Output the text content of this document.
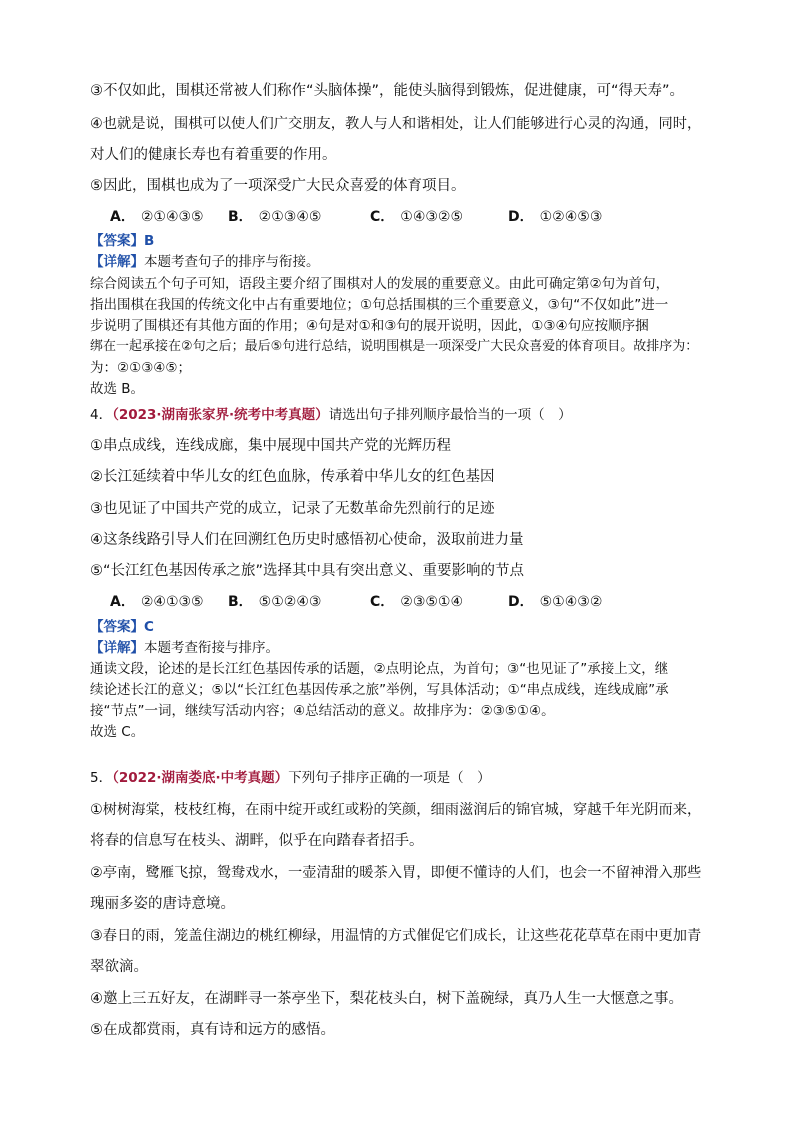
③不仅如此，围棋还常被人们称作“头脑体操”，能使头脑得到锻炼，促进健康，可“得天寿”。
④也就是说，围棋可以使人们广交朋友，教人与人和谐相处，让人们能够进行心灵的沟通，同时，
对人们的健康长寿也有着重要的作用。
⑤因此，围棋也成为了一项深受广大民众喜爱的体育项目。
A． ②①④③⑤ B． ②①③④⑤	C． ①④③②⑤	D． ①②④⑤③
【答案】B
【详解】本题考查句子的排序与衔接。
综合阅读五个句子可知，语段主要介绍了围棋对人的发展的重要意义。由此可确定第②句为首句，
指出围棋在我国的传统文化中占有重要地位；①句总括围棋的三个重要意义，③句“不仅如此”进一
步说明了围棋还有其他方面的作用；④句是对①和③句的展开说明，因此，①③④句应按顺序捆
绑在一起承接在②句之后；最后⑤句进行总结，说明围棋是一项深受广大民众喜爱的体育项目。故排序为：
为：②①③④⑤；
故选 B。
4．（2023·湖南张家界·统考中考真题）请选出句子排列顺序最恰当的一项（　）
①串点成线，连线成廊，集中展现中国共产党的光辉历程
②长江延续着中华儿女的红色血脉，传承着中华儿女的红色基因
③也见证了中国共产党的成立，记录了无数革命先烈前行的足迹
④这条线路引导人们在回溯红色历史时感悟初心使命，汲取前进力量
⑤“长江红色基因传承之旅”选择其中具有突出意义、重要影响的节点
A． ②④①③⑤ B． ⑤①②④③	C． ②③⑤①④	D． ⑤①④③②
【答案】C
【详解】本题考查衔接与排序。
通读文段，论述的是长江红色基因传承的话题，②点明论点，为首句；③“也见证了”承接上文，继
续论述长江的意义；⑤以“长江红色基因传承之旅”举例，写具体活动；①“串点成线，连线成廊”承
接“节点”一词，继续写活动内容；④总结活动的意义。故排序为：②③⑤①④。
故选 C。
5．（2022·湖南娄底·中考真题）下列句子排序正确的一项是（　）
①树树海棠，枝枝红梅，在雨中绽开或红或粉的笑颜，细雨滋润后的锦官城，穿越千年光阴而来，
将春的信息写在枝头、湖畔，似乎在向踏春者招手。
②亭南，鹭雁飞掠，鸳鸯戏水，一壶清甜的暖茶入胃，即便不懂诗的人们，也会一不留神滑入那些
瑰丽多姿的唐诗意境。
③春日的雨，笼盖住湖边的桃红柳绿，用温情的方式催促它们成长，让这些花花草草在雨中更加青
翠欲滴。
④邀上三五好友，在湖畔寻一茶亭坐下，梨花枝头白，树下盖碗绿，真乃人生一大惬意之事。
⑤在成都赏雨，真有诗和远方的感悟。
